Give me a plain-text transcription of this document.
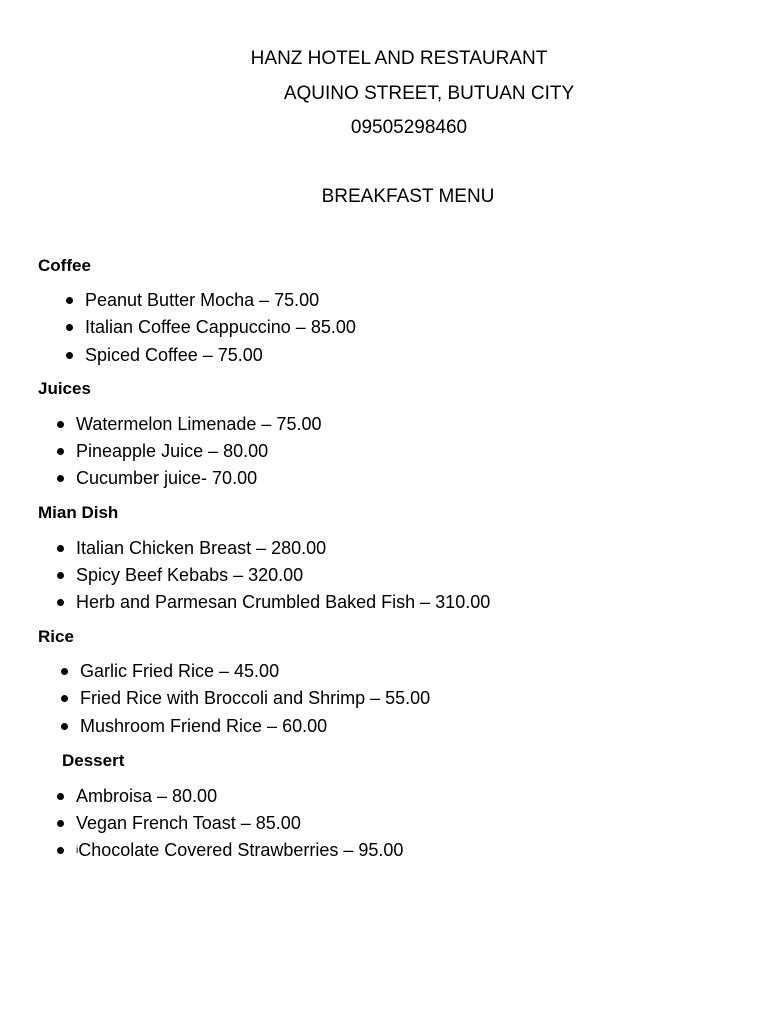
HANZ HOTEL AND RESTAURANT
AQUINO STREET, BUTUAN CITY
09505298460
BREAKFAST MENU
Coffee
Peanut Butter Mocha – 75.00
Italian Coffee Cappuccino – 85.00
Spiced Coffee – 75.00
Juices
Watermelon Limenade – 75.00
Pineapple Juice – 80.00
Cucumber juice- 70.00
Mian Dish
Italian Chicken Breast – 280.00
Spicy Beef Kebabs – 320.00
Herb and Parmesan Crumbled Baked Fish – 310.00
Rice
Garlic Fried Rice – 45.00
Fried Rice with Broccoli and Shrimp – 55.00
Mushroom Friend Rice – 60.00
Dessert
Ambroisa – 80.00
Vegan French Toast – 85.00
i Chocolate Covered Strawberries – 95.00
